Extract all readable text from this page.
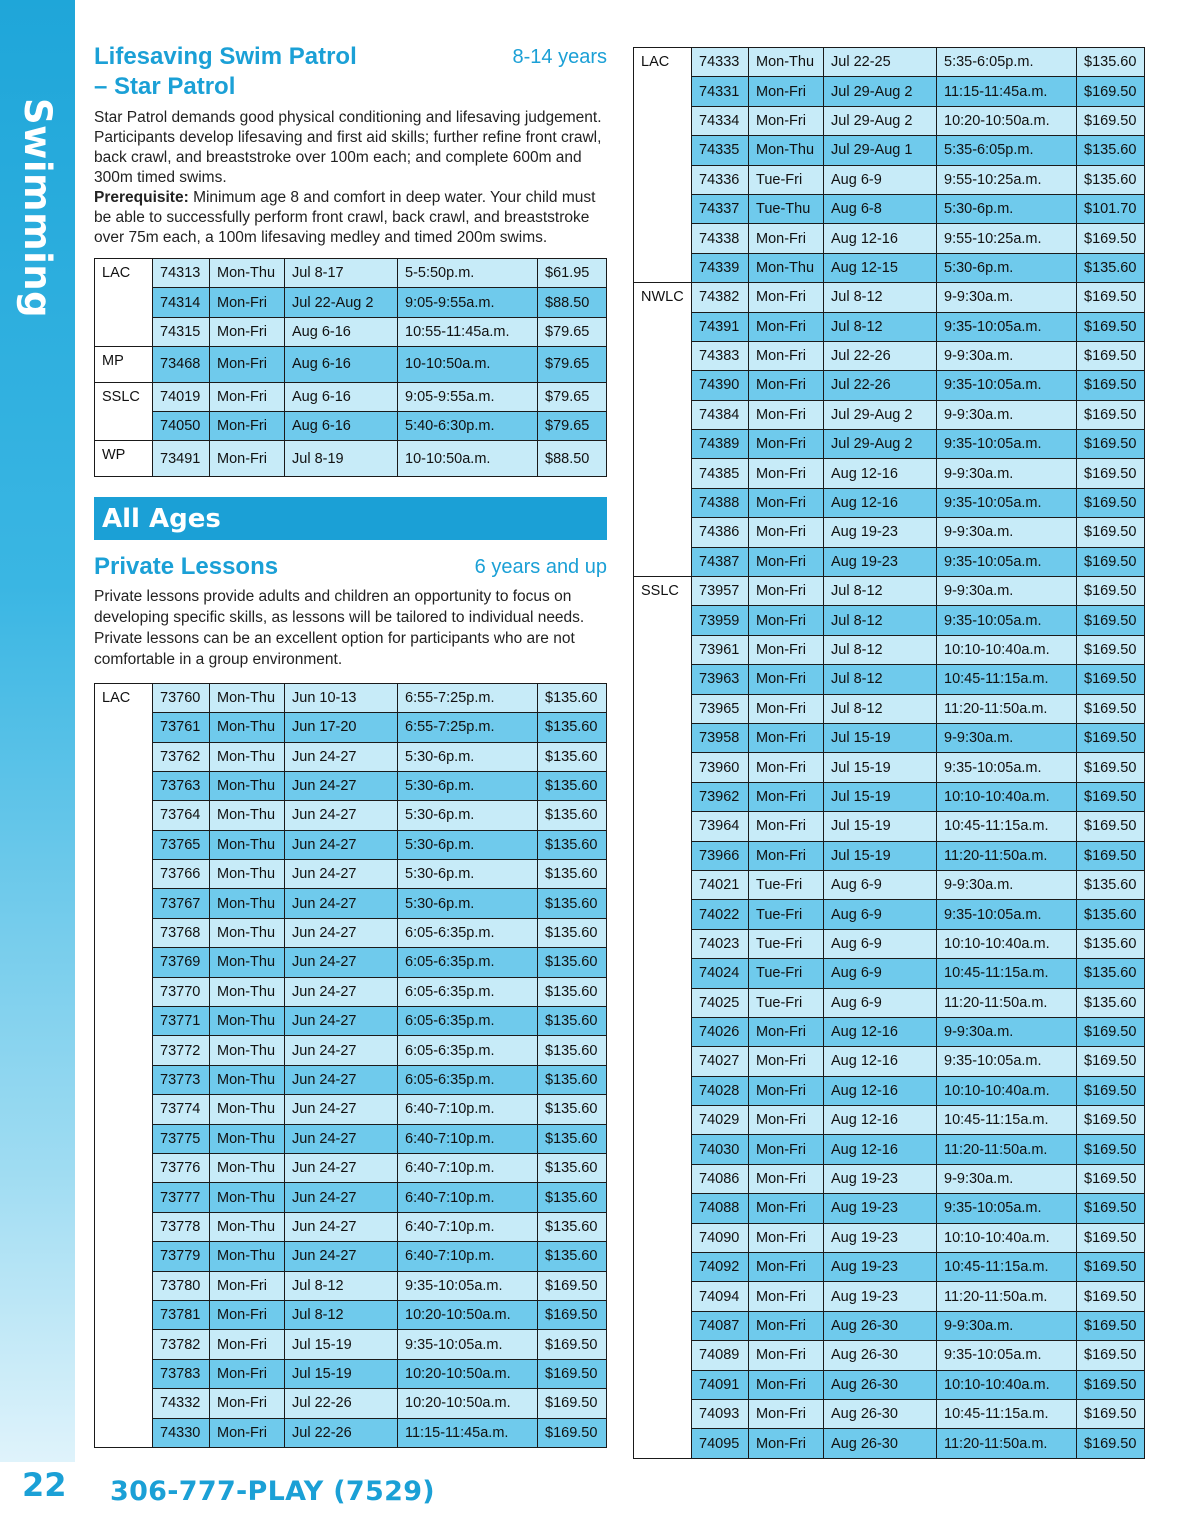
Swimming
Lifesaving Swim Patrol
– Star Patrol
8-14 years
Star Patrol demands good physical conditioning and lifesaving judgement. Participants develop lifesaving and first aid skills; further refine front crawl, back crawl, and breaststroke over 100m each; and complete 600m and 300m timed swims.
Prerequisite: Minimum age 8 and comfort in deep water. Your child must be able to successfully perform front crawl, back crawl, and breaststroke over 75m each, a 100m lifesaving medley and timed 200m swims.
LAC	74313	Mon-Thu	Jul 8-17	5-5:50p.m.	$61.95
	74314	Mon-Fri	Jul 22-Aug 2	9:05-9:55a.m.	$88.50
	74315	Mon-Fri	Aug 6-16	10:55-11:45a.m.	$79.65
MP	73468	Mon-Fri	Aug 6-16	10-10:50a.m.	$79.65
SSLC	74019	Mon-Fri	Aug 6-16	9:05-9:55a.m.	$79.65
	74050	Mon-Fri	Aug 6-16	5:40-6:30p.m.	$79.65
WP	73491	Mon-Fri	Jul 8-19	10-10:50a.m.	$88.50
All Ages
Private Lessons	6 years and up
Private lessons provide adults and children an opportunity to focus on developing specific skills, as lessons will be tailored to individual needs. Private lessons can be an excellent option for participants who are not comfortable in a group environment.
LAC	73760	Mon-Thu	Jun 10-13	6:55-7:25p.m.	$135.60
	73761	Mon-Thu	Jun 17-20	6:55-7:25p.m.	$135.60
	73762	Mon-Thu	Jun 24-27	5:30-6p.m.	$135.60
	73763	Mon-Thu	Jun 24-27	5:30-6p.m.	$135.60
	73764	Mon-Thu	Jun 24-27	5:30-6p.m.	$135.60
	73765	Mon-Thu	Jun 24-27	5:30-6p.m.	$135.60
	73766	Mon-Thu	Jun 24-27	5:30-6p.m.	$135.60
	73767	Mon-Thu	Jun 24-27	5:30-6p.m.	$135.60
	73768	Mon-Thu	Jun 24-27	6:05-6:35p.m.	$135.60
	73769	Mon-Thu	Jun 24-27	6:05-6:35p.m.	$135.60
	73770	Mon-Thu	Jun 24-27	6:05-6:35p.m.	$135.60
	73771	Mon-Thu	Jun 24-27	6:05-6:35p.m.	$135.60
	73772	Mon-Thu	Jun 24-27	6:05-6:35p.m.	$135.60
	73773	Mon-Thu	Jun 24-27	6:05-6:35p.m.	$135.60
	73774	Mon-Thu	Jun 24-27	6:40-7:10p.m.	$135.60
	73775	Mon-Thu	Jun 24-27	6:40-7:10p.m.	$135.60
	73776	Mon-Thu	Jun 24-27	6:40-7:10p.m.	$135.60
	73777	Mon-Thu	Jun 24-27	6:40-7:10p.m.	$135.60
	73778	Mon-Thu	Jun 24-27	6:40-7:10p.m.	$135.60
	73779	Mon-Thu	Jun 24-27	6:40-7:10p.m.	$135.60
	73780	Mon-Fri	Jul 8-12	9:35-10:05a.m.	$169.50
	73781	Mon-Fri	Jul 8-12	10:20-10:50a.m.	$169.50
	73782	Mon-Fri	Jul 15-19	9:35-10:05a.m.	$169.50
	73783	Mon-Fri	Jul 15-19	10:20-10:50a.m.	$169.50
	74332	Mon-Fri	Jul 22-26	10:20-10:50a.m.	$169.50
	74330	Mon-Fri	Jul 22-26	11:15-11:45a.m.	$169.50
LAC	74333	Mon-Thu	Jul 22-25	5:35-6:05p.m.	$135.60
	74331	Mon-Fri	Jul 29-Aug 2	11:15-11:45a.m.	$169.50
	74334	Mon-Fri	Jul 29-Aug 2	10:20-10:50a.m.	$169.50
	74335	Mon-Thu	Jul 29-Aug 1	5:35-6:05p.m.	$135.60
	74336	Tue-Fri	Aug 6-9	9:55-10:25a.m.	$135.60
	74337	Tue-Thu	Aug 6-8	5:30-6p.m.	$101.70
	74338	Mon-Fri	Aug 12-16	9:55-10:25a.m.	$169.50
	74339	Mon-Thu	Aug 12-15	5:30-6p.m.	$135.60
NWLC	74382	Mon-Fri	Jul 8-12	9-9:30a.m.	$169.50
	74391	Mon-Fri	Jul 8-12	9:35-10:05a.m.	$169.50
	74383	Mon-Fri	Jul 22-26	9-9:30a.m.	$169.50
	74390	Mon-Fri	Jul 22-26	9:35-10:05a.m.	$169.50
	74384	Mon-Fri	Jul 29-Aug 2	9-9:30a.m.	$169.50
	74389	Mon-Fri	Jul 29-Aug 2	9:35-10:05a.m.	$169.50
	74385	Mon-Fri	Aug 12-16	9-9:30a.m.	$169.50
	74388	Mon-Fri	Aug 12-16	9:35-10:05a.m.	$169.50
	74386	Mon-Fri	Aug 19-23	9-9:30a.m.	$169.50
	74387	Mon-Fri	Aug 19-23	9:35-10:05a.m.	$169.50
SSLC	73957	Mon-Fri	Jul 8-12	9-9:30a.m.	$169.50
	73959	Mon-Fri	Jul 8-12	9:35-10:05a.m.	$169.50
	73961	Mon-Fri	Jul 8-12	10:10-10:40a.m.	$169.50
	73963	Mon-Fri	Jul 8-12	10:45-11:15a.m.	$169.50
	73965	Mon-Fri	Jul 8-12	11:20-11:50a.m.	$169.50
	73958	Mon-Fri	Jul 15-19	9-9:30a.m.	$169.50
	73960	Mon-Fri	Jul 15-19	9:35-10:05a.m.	$169.50
	73962	Mon-Fri	Jul 15-19	10:10-10:40a.m.	$169.50
	73964	Mon-Fri	Jul 15-19	10:45-11:15a.m.	$169.50
	73966	Mon-Fri	Jul 15-19	11:20-11:50a.m.	$169.50
	74021	Tue-Fri	Aug 6-9	9-9:30a.m.	$135.60
	74022	Tue-Fri	Aug 6-9	9:35-10:05a.m.	$135.60
	74023	Tue-Fri	Aug 6-9	10:10-10:40a.m.	$135.60
	74024	Tue-Fri	Aug 6-9	10:45-11:15a.m.	$135.60
	74025	Tue-Fri	Aug 6-9	11:20-11:50a.m.	$135.60
	74026	Mon-Fri	Aug 12-16	9-9:30a.m.	$169.50
	74027	Mon-Fri	Aug 12-16	9:35-10:05a.m.	$169.50
	74028	Mon-Fri	Aug 12-16	10:10-10:40a.m.	$169.50
	74029	Mon-Fri	Aug 12-16	10:45-11:15a.m.	$169.50
	74030	Mon-Fri	Aug 12-16	11:20-11:50a.m.	$169.50
	74086	Mon-Fri	Aug 19-23	9-9:30a.m.	$169.50
	74088	Mon-Fri	Aug 19-23	9:35-10:05a.m.	$169.50
	74090	Mon-Fri	Aug 19-23	10:10-10:40a.m.	$169.50
	74092	Mon-Fri	Aug 19-23	10:45-11:15a.m.	$169.50
	74094	Mon-Fri	Aug 19-23	11:20-11:50a.m.	$169.50
	74087	Mon-Fri	Aug 26-30	9-9:30a.m.	$169.50
	74089	Mon-Fri	Aug 26-30	9:35-10:05a.m.	$169.50
	74091	Mon-Fri	Aug 26-30	10:10-10:40a.m.	$169.50
	74093	Mon-Fri	Aug 26-30	10:45-11:15a.m.	$169.50
	74095	Mon-Fri	Aug 26-30	11:20-11:50a.m.	$169.50
22 306-777-PLAY (7529)
